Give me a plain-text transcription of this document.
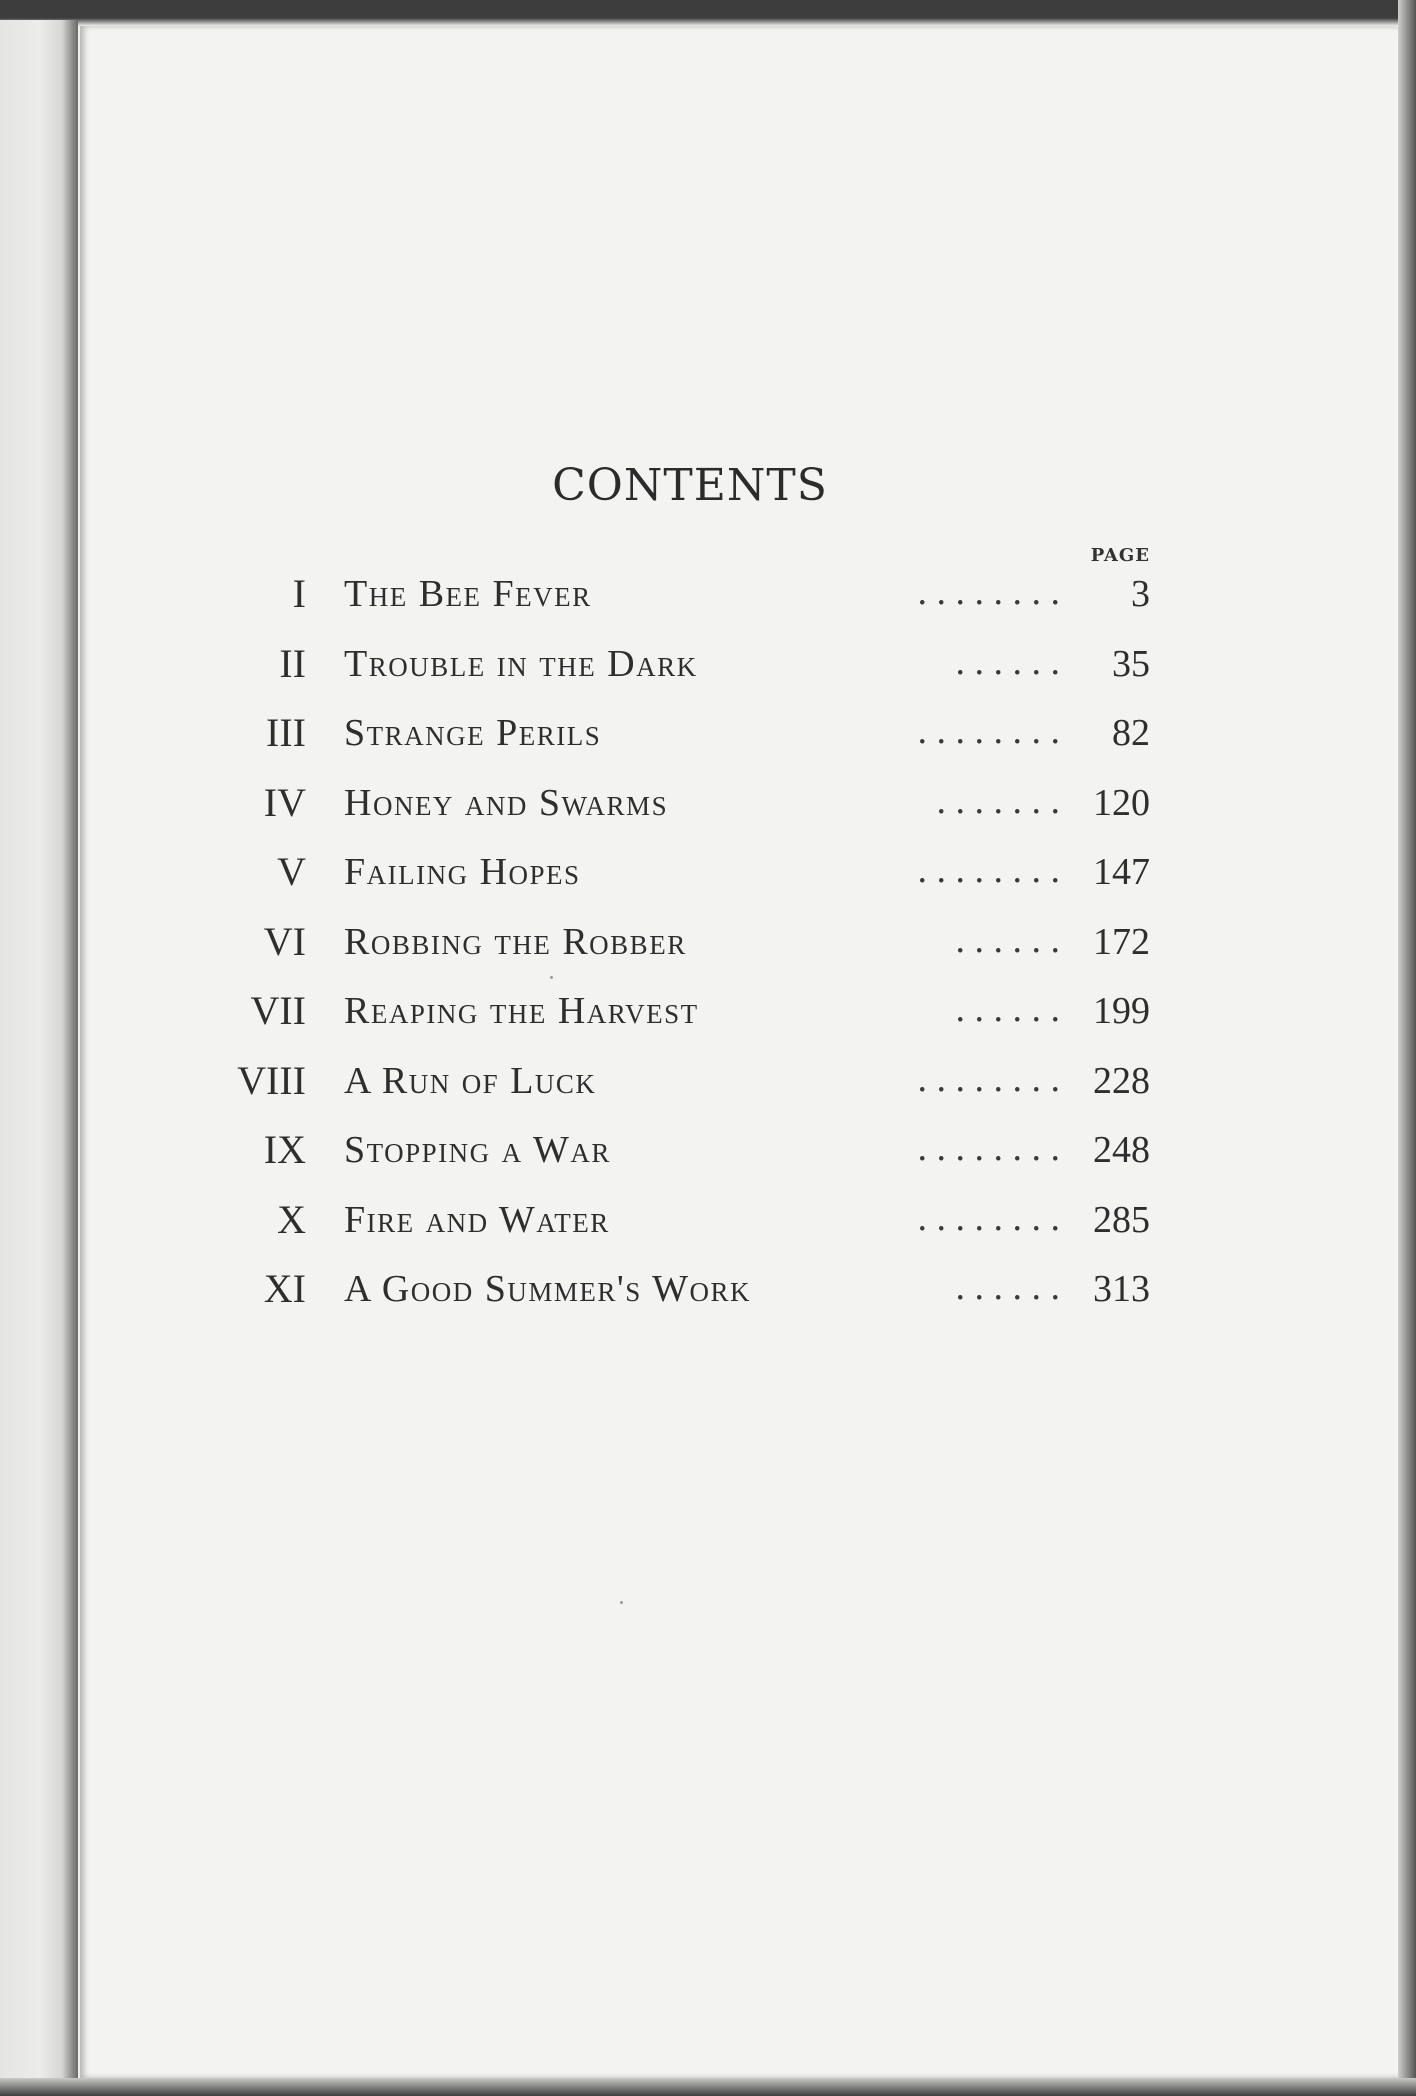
CONTENTS
PAGE
I The Bee Fever	. . . . . . . .	3
II Trouble in the Dark	. . . . . .	35
III Strange Perils	. . . . . . . .	82
IV Honey and Swarms	. . . . . . . 120
V Failing Hopes	. . . . . . . . 147
VI Robbing the Robber	. . . . . . 172
VII Reaping the Harvest	. . . . . . 199
VIII A Run of Luck	. . . . . . . . 228
IX Stopping a War	. . . . . . . . 248
X Fire and Water	. . . . . . . . 285
XI A Good Summer's Work	. . . . . . 313
